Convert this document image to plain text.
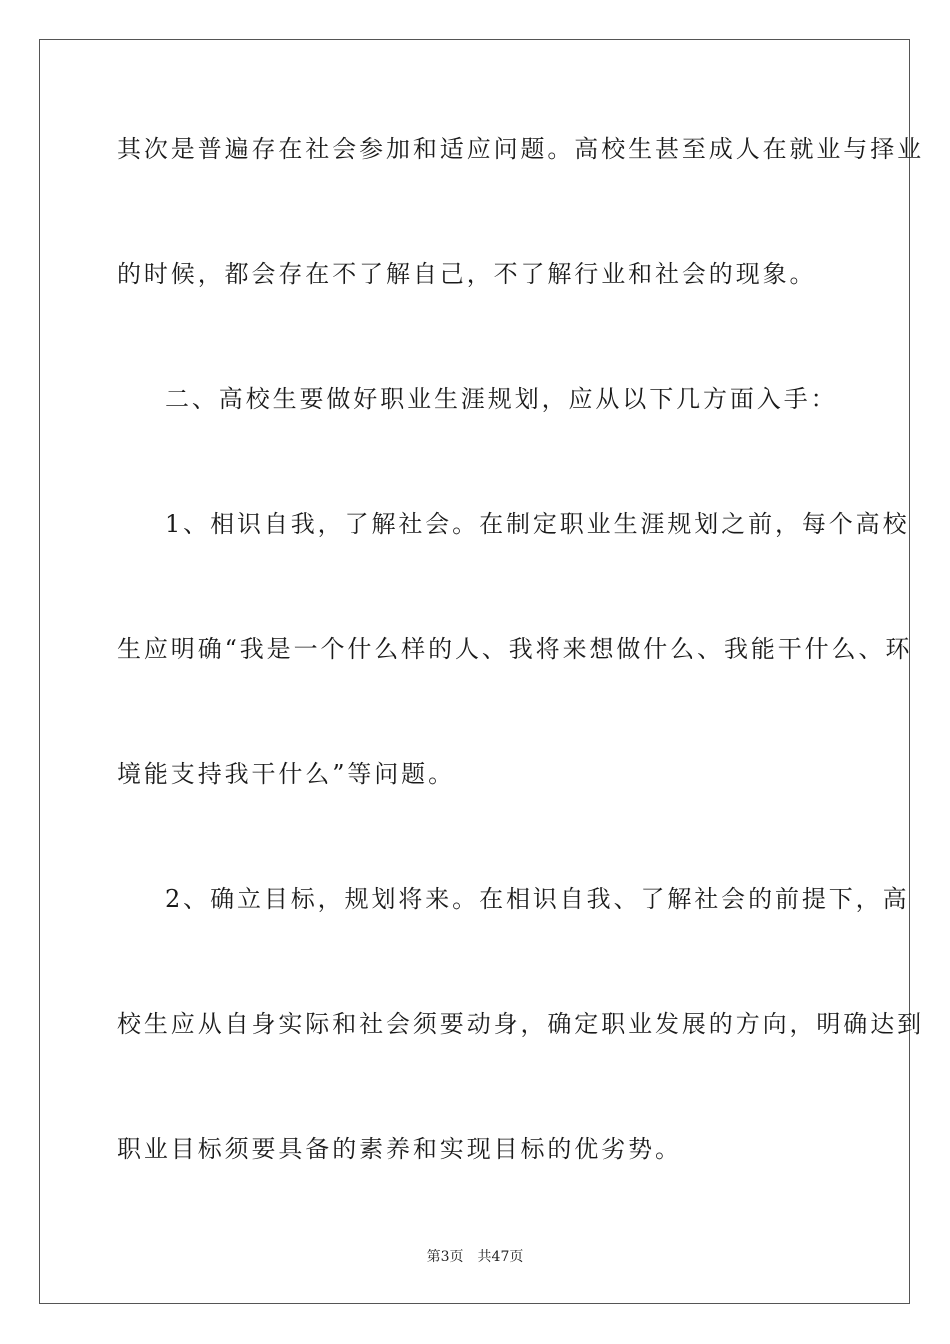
其次是普遍存在社会参加和适应问题。高校生甚至成人在就业与择业
的时候，都会存在不了解自己，不了解行业和社会的现象。
二、高校生要做好职业生涯规划，应从以下几方面入手：
1、相识自我，了解社会。在制定职业生涯规划之前，每个高校
生应明确“我是一个什么样的人、我将来想做什么、我能干什么、环
境能支持我干什么”等问题。
2、确立目标，规划将来。在相识自我、了解社会的前提下，高
校生应从自身实际和社会须要动身，确定职业发展的方向，明确达到
职业目标须要具备的素养和实现目标的优劣势。
第3页 共47页
